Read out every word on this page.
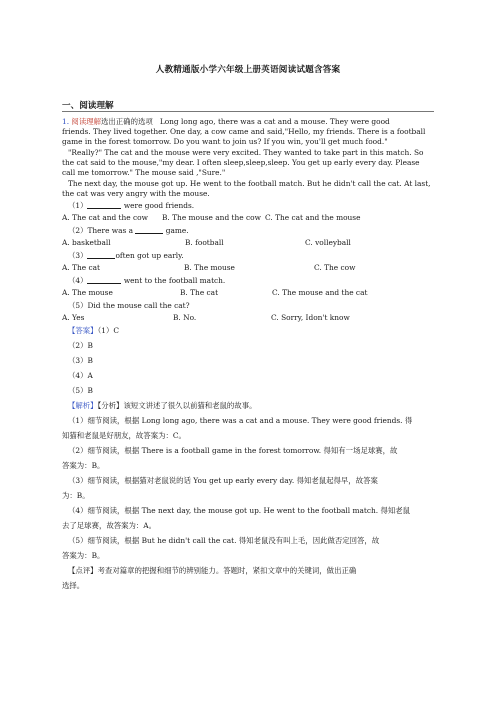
人教精通版小学六年级上册英语阅读试题含答案
一、阅读理解
1. 阅读理解选出正确的选项 Long long ago, there was a cat and a mouse. They were good
friends. They lived together. One day, a cow came and said,"Hello, my friends. There is a football
game in the forest tomorrow. Do you want to join us? If you win, you'll get much food."
"Really?" The cat and the mouse were very excited. They wanted to take part in this match. So
the cat said to the mouse,"my dear. I often sleep,sleep,sleep. You get up early every day. Please
call me tomorrow." The mouse said ,"Sure."
The next day, the mouse got up. He went to the football match. But he didn't call the cat. At last,
the cat was very angry with the mouse.
（1）	were good friends.
A. The cat and the cow B. The mouse and the cow C. The cat and the mouse
（2）There was a	game.
A. basketball	B. football	C. volleyball
（3）	often got up early.
A. The cat	B. The mouse	C. The cow
（4）	went to the football match.
A. The mouse	B. The cat	C. The mouse and the cat
（5）Did the mouse call the cat?
A. Yes	B. No.	C. Sorry, Idon't know
【答案】（1）C
（2）B
（3）B
（4）A
（5）B
【解析】【分析】该短文讲述了很久以前猫和老鼠的故事。
（1）细节阅读，根据 Long long ago, there was a cat and a mouse. They were good friends. 得
知猫和老鼠是好朋友，故答案为：C。
（2）细节阅读，根据 There is a football game in the forest tomorrow. 得知有一场足球赛，故
答案为：B。
（3）细节阅读，根据猫对老鼠说的话 You get up early every day. 得知老鼠起得早，故答案
为：B。
（4）细节阅读，根据 The next day, the mouse got up. He went to the football match. 得知老鼠
去了足球赛，故答案为：A。
（5）细节阅读，根据 But he didn't call the cat. 得知老鼠没有叫上毛，因此做否定回答，故
答案为：B。
【点评】考查对篇章的把握和细节的辨别能力。答题时，紧扣文章中的关键词，做出正确
选择。
